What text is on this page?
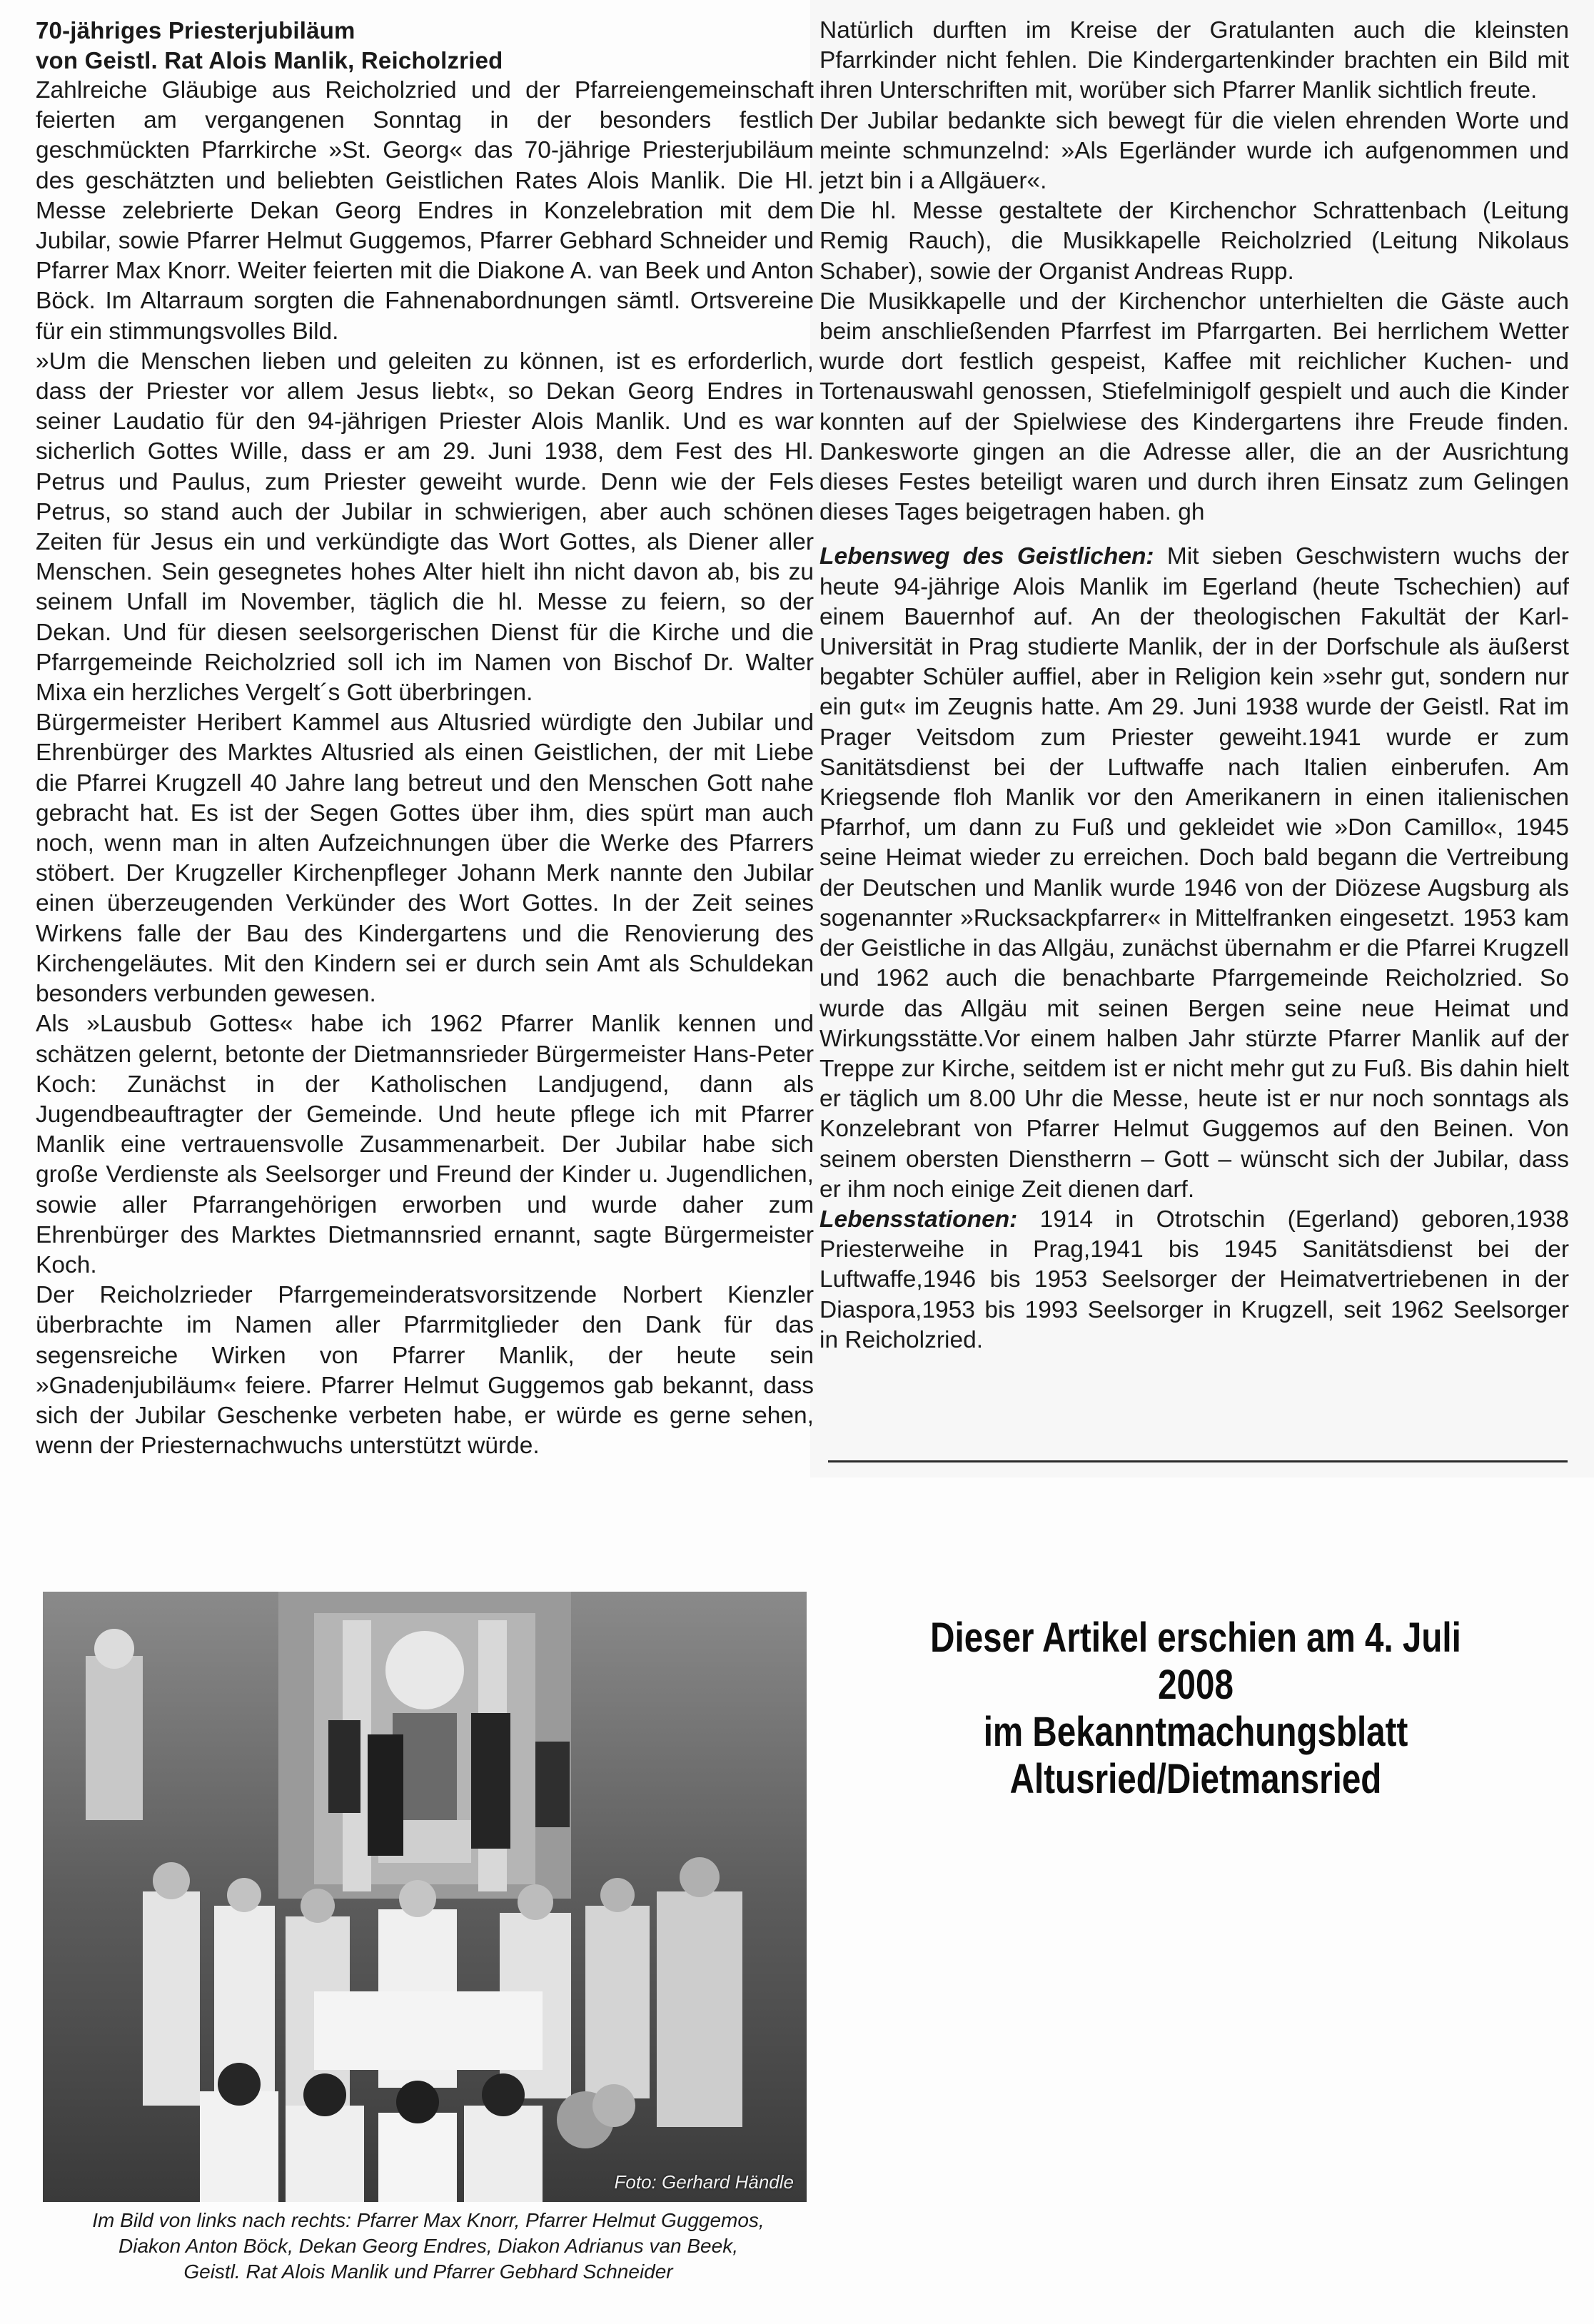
70-jähriges Priesterjubiläum
von Geistl. Rat Alois Manlik, Reicholzried

Zahlreiche Gläubige aus Reicholzried und der Pfarreiengemeinschaft feierten am vergangenen Sonntag in der besonders festlich geschmückten Pfarrkirche »St. Georg« das 70-jährige Priesterjubiläum des geschätzten und beliebten Geistlichen Rates Alois Manlik. Die Hl. Messe zelebrierte Dekan Georg Endres in Konzelebration mit dem Jubilar, sowie Pfarrer Helmut Guggemos, Pfarrer Gebhard Schneider und Pfarrer Max Knorr. Weiter feierten mit die Diakone A. van Beek und Anton Böck. Im Altarraum sorgten die Fahnenabordnungen sämtl. Ortsvereine für ein stimmungsvolles Bild.

»Um die Menschen lieben und geleiten zu können, ist es erforderlich, dass der Priester vor allem Jesus liebt«, so Dekan Georg Endres in seiner Laudatio für den 94-jährigen Priester Alois Manlik. Und es war sicherlich Gottes Wille, dass er am 29. Juni 1938, dem Fest des Hl. Petrus und Paulus, zum Priester geweiht wurde. Denn wie der Fels Petrus, so stand auch der Jubilar in schwierigen, aber auch schönen Zeiten für Jesus ein und verkündigte das Wort Gottes, als Diener aller Menschen. Sein gesegnetes hohes Alter hielt ihn nicht davon ab, bis zu seinem Unfall im November, täglich die hl. Messe zu feiern, so der Dekan. Und für diesen seelsorgerischen Dienst für die Kirche und die Pfarrgemeinde Reicholzried soll ich im Namen von Bischof Dr. Walter Mixa ein herzliches Vergelt´s Gott überbringen.

Bürgermeister Heribert Kammel aus Altusried würdigte den Jubilar und Ehrenbürger des Marktes Altusried als einen Geistlichen, der mit Liebe die Pfarrei Krugzell 40 Jahre lang betreut und den Menschen Gott nahe gebracht hat. Es ist der Segen Gottes über ihm, dies spürt man auch noch, wenn man in alten Aufzeichnungen über die Werke des Pfarrers stöbert. Der Krugzeller Kirchenpfleger Johann Merk nannte den Jubilar einen überzeugenden Verkünder des Wort Gottes. In der Zeit seines Wirkens falle der Bau des Kindergartens und die Renovierung des Kirchengeläutes. Mit den Kindern sei er durch sein Amt als Schuldekan besonders verbunden gewesen.

Als »Lausbub Gottes« habe ich 1962 Pfarrer Manlik kennen und schätzen gelernt, betonte der Dietmannsrieder Bürgermeister Hans-Peter Koch: Zunächst in der Katholischen Landjugend, dann als Jugendbeauftragter der Gemeinde. Und heute pflege ich mit Pfarrer Manlik eine vertrauensvolle Zusammenarbeit. Der Jubilar habe sich große Verdienste als Seelsorger und Freund der Kinder u. Jugendlichen, sowie aller Pfarrangehörigen erworben und wurde daher zum Ehrenbürger des Marktes Dietmannsried ernannt, sagte Bürgermeister Koch.

Der Reicholzrieder Pfarrgemeinderatsvorsitzende Norbert Kienzler überbrachte im Namen aller Pfarrmitglieder den Dank für das segensreiche Wirken von Pfarrer Manlik, der heute sein »Gnadenjubiläum« feiere. Pfarrer Helmut Guggemos gab bekannt, dass sich der Jubilar Geschenke verbeten habe, er würde es gerne sehen, wenn der Priesternachwuchs unterstützt würde.

Natürlich durften im Kreise der Gratulanten auch die kleinsten Pfarrkinder nicht fehlen. Die Kindergartenkinder brachten ein Bild mit ihren Unterschriften mit, worüber sich Pfarrer Manlik sichtlich freute.

Der Jubilar bedankte sich bewegt für die vielen ehrenden Worte und meinte schmunzelnd: »Als Egerländer wurde ich aufgenommen und jetzt bin i a Allgäuer«.

Die hl. Messe gestaltete der Kirchenchor Schrattenbach (Leitung Remig Rauch), die Musikkapelle Reicholzried (Leitung Nikolaus Schaber), sowie der Organist Andreas Rupp.

Die Musikkapelle und der Kirchenchor unterhielten die Gäste auch beim anschließenden Pfarrfest im Pfarrgarten. Bei herrlichem Wetter wurde dort festlich gespeist, Kaffee mit reichlicher Kuchen- und Tortenauswahl genossen, Stiefelminigolf gespielt und auch die Kinder konnten auf der Spielwiese des Kindergartens ihre Freude finden. Dankesworte gingen an die Adresse aller, die an der Ausrichtung dieses Festes beteiligt waren und durch ihren Einsatz zum Gelingen dieses Tages beigetragen haben. gh

Lebensweg des Geistlichen: Mit sieben Geschwistern wuchs der heute 94-jährige Alois Manlik im Egerland (heute Tschechien) auf einem Bauernhof auf. An der theologischen Fakultät der Karl-Universität in Prag studierte Manlik, der in der Dorfschule als äußerst begabter Schüler auffiel, aber in Religion kein »sehr gut, sondern nur ein gut« im Zeugnis hatte. Am 29. Juni 1938 wurde der Geistl. Rat im Prager Veitsdom zum Priester geweiht.1941 wurde er zum Sanitätsdienst bei der Luftwaffe nach Italien einberufen. Am Kriegsende floh Manlik vor den Amerikanern in einen italienischen Pfarrhof, um dann zu Fuß und gekleidet wie »Don Camillo«, 1945 seine Heimat wieder zu erreichen. Doch bald begann die Vertreibung der Deutschen und Manlik wurde 1946 von der Diözese Augsburg als sogenannter »Rucksackpfarrer« in Mittelfranken eingesetzt. 1953 kam der Geistliche in das Allgäu, zunächst übernahm er die Pfarrei Krugzell und 1962 auch die benachbarte Pfarrgemeinde Reicholzried. So wurde das Allgäu mit seinen Bergen seine neue Heimat und Wirkungsstätte.Vor einem halben Jahr stürzte Pfarrer Manlik auf der Treppe zur Kirche, seitdem ist er nicht mehr gut zu Fuß. Bis dahin hielt er täglich um 8.00 Uhr die Messe, heute ist er nur noch sonntags als Konzelebrant von Pfarrer Helmut Guggemos auf den Beinen. Von seinem obersten Dienstherrn – Gott – wünscht sich der Jubilar, dass er ihm noch einige Zeit dienen darf.

Lebensstationen: 1914 in Otrotschin (Egerland) geboren,1938 Priesterweihe in Prag,1941 bis 1945 Sanitätsdienst bei der Luftwaffe,1946 bis 1953 Seelsorger der Heimatvertriebenen in der Diaspora,1953 bis 1993 Seelsorger in Krugzell, seit 1962 Seelsorger in Reicholzried.

Foto: Gerhard Händle
Im Bild von links nach rechts: Pfarrer Max Knorr, Pfarrer Helmut Guggemos,
Diakon Anton Böck, Dekan Georg Endres, Diakon Adrianus van Beek,
Geistl. Rat Alois Manlik und Pfarrer Gebhard Schneider
Dieser Artikel erschien am 4. Juli 2008
im Bekanntmachungsblatt
Altusried/Dietmansried
